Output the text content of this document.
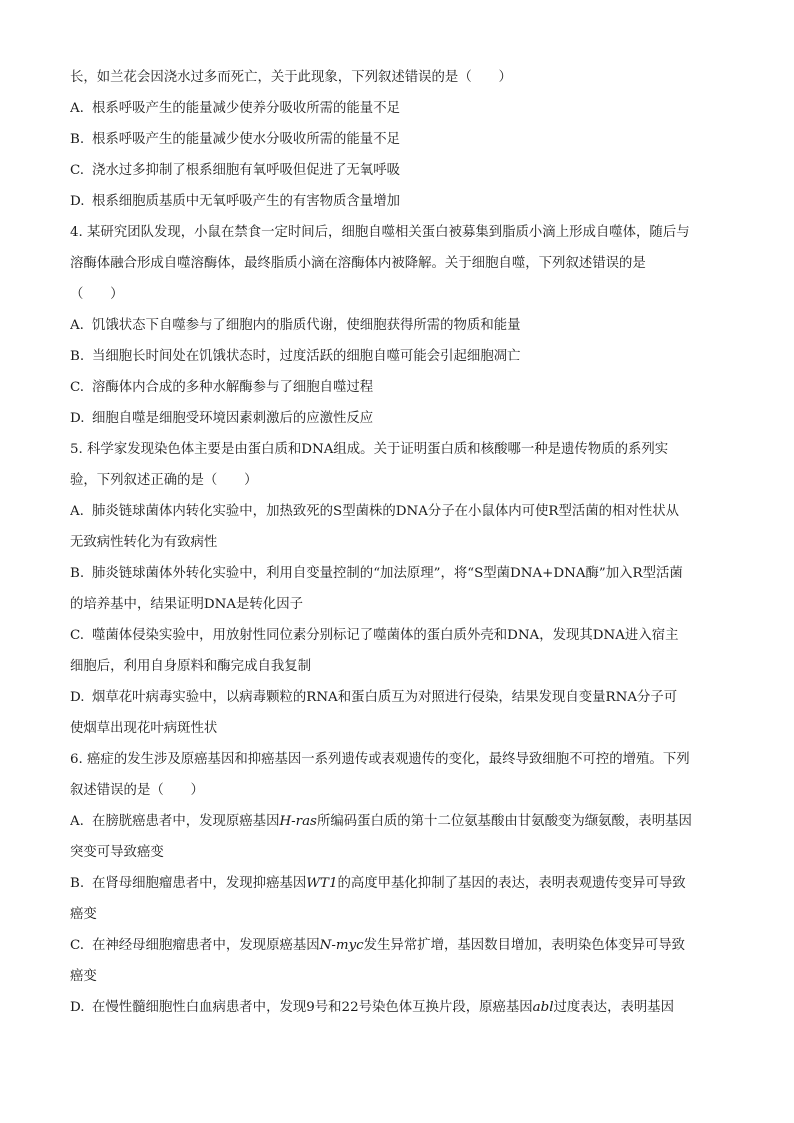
长，如兰花会因浇水过多而死亡，关于此现象，下列叙述错误的是（　　）
A. 根系呼吸产生的能量减少使养分吸收所需的能量不足
B. 根系呼吸产生的能量减少使水分吸收所需的能量不足
C. 浇水过多抑制了根系细胞有氧呼吸但促进了无氧呼吸
D. 根系细胞质基质中无氧呼吸产生的有害物质含量增加
4. 某研究团队发现，小鼠在禁食一定时间后，细胞自噬相关蛋白被募集到脂质小滴上形成自噬体，随后与
溶酶体融合形成自噬溶酶体，最终脂质小滴在溶酶体内被降解。关于细胞自噬，下列叙述错误的是
（　　）
A. 饥饿状态下自噬参与了细胞内的脂质代谢，使细胞获得所需的物质和能量
B. 当细胞长时间处在饥饿状态时，过度活跃的细胞自噬可能会引起细胞凋亡
C. 溶酶体内合成的多种水解酶参与了细胞自噬过程
D. 细胞自噬是细胞受环境因素刺激后的应激性反应
5. 科学家发现染色体主要是由蛋白质和DNA组成。关于证明蛋白质和核酸哪一种是遗传物质的系列实
验，下列叙述正确的是（　　）
A. 肺炎链球菌体内转化实验中，加热致死的S型菌株的DNA分子在小鼠体内可使R型活菌的相对性状从
无致病性转化为有致病性
B. 肺炎链球菌体外转化实验中，利用自变量控制的“加法原理”，将“S型菌DNA+DNA酶”加入R型活菌
的培养基中，结果证明DNA是转化因子
C. 噬菌体侵染实验中，用放射性同位素分别标记了噬菌体的蛋白质外壳和DNA，发现其DNA进入宿主
细胞后，利用自身原料和酶完成自我复制
D. 烟草花叶病毒实验中，以病毒颗粒的RNA和蛋白质互为对照进行侵染，结果发现自变量RNA分子可
使烟草出现花叶病斑性状
6. 癌症的发生涉及原癌基因和抑癌基因一系列遗传或表观遗传的变化，最终导致细胞不可控的增殖。下列
叙述错误的是（　　）
A. 在膀胱癌患者中，发现原癌基因H-ras所编码蛋白质的第十二位氨基酸由甘氨酸变为缬氨酸，表明基因
突变可导致癌变
B. 在肾母细胞瘤患者中，发现抑癌基因WT1的高度甲基化抑制了基因的表达，表明表观遗传变异可导致
癌变
C. 在神经母细胞瘤患者中，发现原癌基因N-myc发生异常扩增，基因数目增加，表明染色体变异可导致
癌变
D. 在慢性髓细胞性白血病患者中，发现9号和22号染色体互换片段，原癌基因abl过度表达，表明基因
